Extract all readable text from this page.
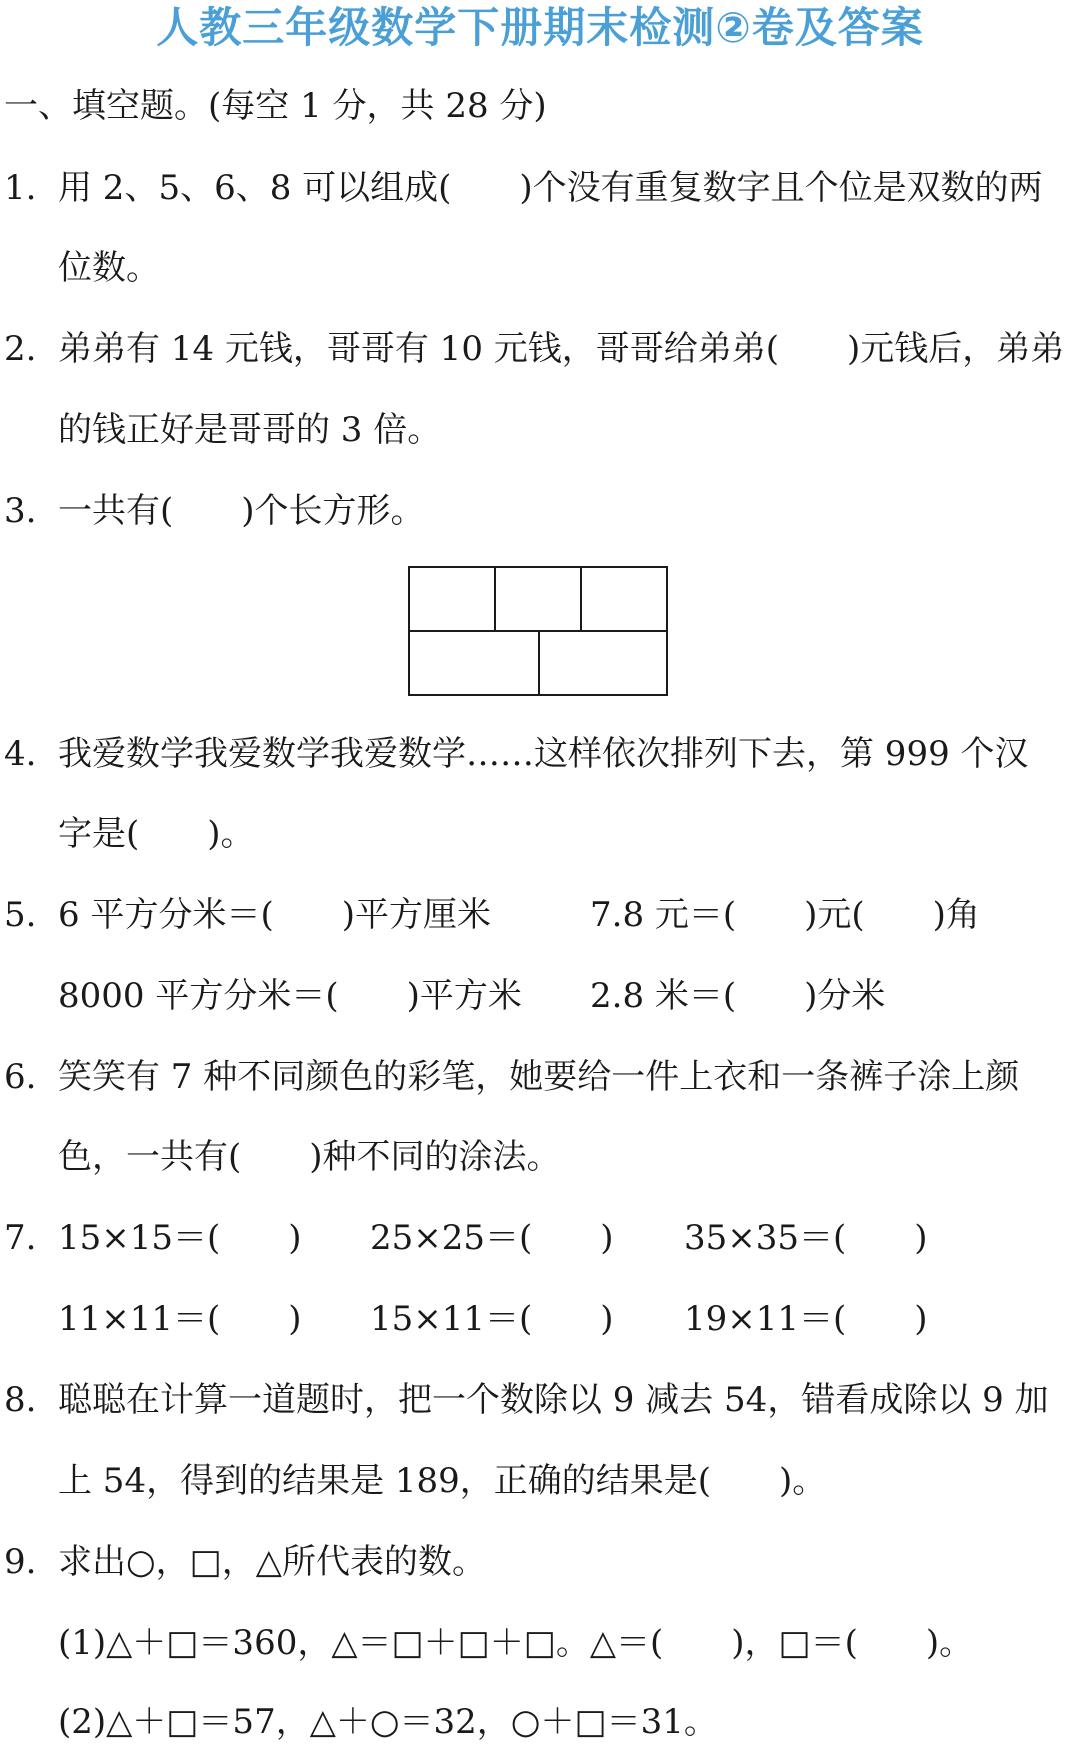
人教三年级数学下册期末检测②卷及答案
一、填空题。(每空 1 分，共 28 分)
1. 用 2、5、6、8 可以组成(　　)个没有重复数字且个位是双数的两
位数。
2. 弟弟有 14 元钱，哥哥有 10 元钱，哥哥给弟弟(　　)元钱后，弟弟
的钱正好是哥哥的 3 倍。
3. 一共有(　　)个长方形。
4. 我爱数学我爱数学我爱数学……这样依次排列下去，第 999 个汉
字是(　　)。
5. 6 平方分米＝(　　)平方厘米	7.8 元＝(　　)元(　　)角
8000 平方分米＝(　　)平方米 2.8 米＝(　　)分米
6. 笑笑有 7 种不同颜色的彩笔，她要给一件上衣和一条裤子涂上颜
色，一共有(　　)种不同的涂法。
7. 15×15＝(　　) 25×25＝(　　) 35×35＝(　　)
11×11＝(　　) 15×11＝(　　) 19×11＝(　　)
8. 聪聪在计算一道题时，把一个数除以 9 减去 54，错看成除以 9 加
上 54，得到的结果是 189，正确的结果是(　　)。
9. 求出○，□，△所代表的数。
(1)△＋□＝360，△＝□＋□＋□。△＝(　　)，□＝(　　)。
(2)△＋□＝57，△＋○＝32，○＋□＝31。
